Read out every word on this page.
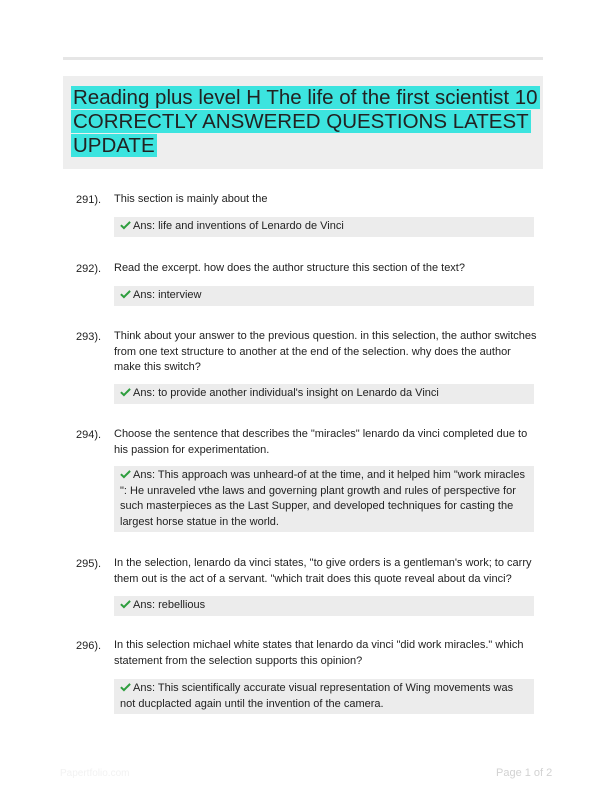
Reading plus level H The life of the first scientist 10 CORRECTLY ANSWERED QUESTIONS LATEST UPDATE
291). This section is mainly about the
Ans: life and inventions of Lenardo de Vinci
292). Read the excerpt. how does the author structure this section of the text?
Ans: interview
293). Think about your answer to the previous question. in this selection, the author switches from one text structure to another at the end of the selection. why does the author make this switch?
Ans: to provide another individual's insight on Lenardo da Vinci
294). Choose the sentence that describes the "miracles" lenardo da vinci completed due to his passion for experimentation.
Ans: This approach was unheard-of at the time, and it helped him "work miracles ": He unraveled vthe laws and governing plant growth and rules of perspective for such masterpieces as the Last Supper, and developed techniques for casting the largest horse statue in the world.
295). In the selection, lenardo da vinci states, "to give orders is a gentleman's work; to carry them out is the act of a servant. "which trait does this quote reveal about da vinci?
Ans: rebellious
296). In this selection michael white states that lenardo da vinci "did work miracles." which statement from the selection supports this opinion?
Ans: This scientifically accurate visual representation of Wing movements was not ducplacted again until the invention of the camera.
Papertfolio.com	Page 1 of 2
